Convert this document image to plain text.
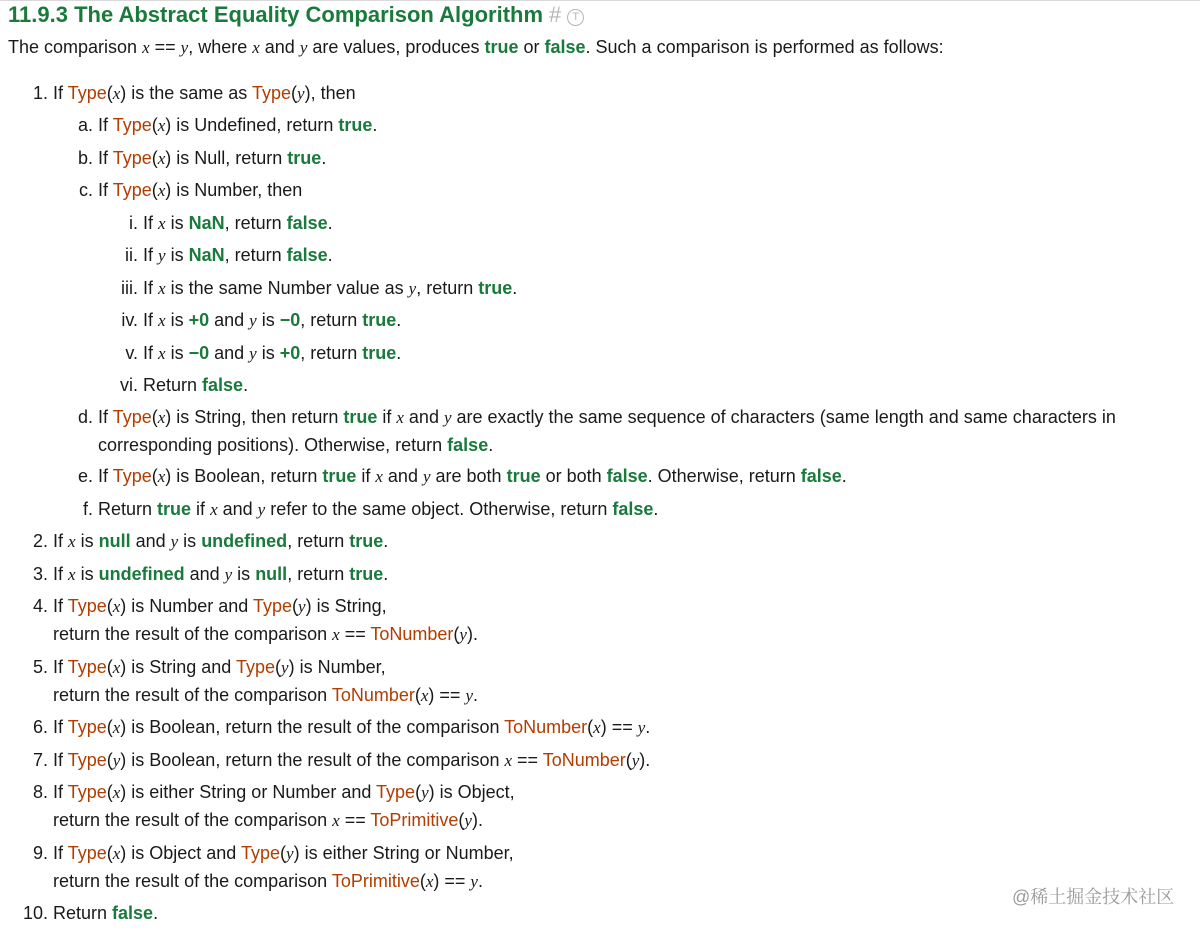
11.9.3 The Abstract Equality Comparison Algorithm # T
The comparison x == y, where x and y are values, produces true or false. Such a comparison is performed as follows:
1. If Type(x) is the same as Type(y), then
a. If Type(x) is Undefined, return true.
b. If Type(x) is Null, return true.
c. If Type(x) is Number, then
i. If x is NaN, return false.
ii. If y is NaN, return false.
iii. If x is the same Number value as y, return true.
iv. If x is +0 and y is −0, return true.
v. If x is −0 and y is +0, return true.
vi. Return false.
d. If Type(x) is String, then return true if x and y are exactly the same sequence of characters (same length and same characters in
corresponding positions). Otherwise, return false.
e. If Type(x) is Boolean, return true if x and y are both true or both false. Otherwise, return false.
f. Return true if x and y refer to the same object. Otherwise, return false.
2. If x is null and y is undefined, return true.
3. If x is undefined and y is null, return true.
4. If Type(x) is Number and Type(y) is String,
return the result of the comparison x == ToNumber(y).
5. If Type(x) is String and Type(y) is Number,
return the result of the comparison ToNumber(x) == y.
6. If Type(x) is Boolean, return the result of the comparison ToNumber(x) == y.
7. If Type(y) is Boolean, return the result of the comparison x == ToNumber(y).
8. If Type(x) is either String or Number and Type(y) is Object,
return the result of the comparison x == ToPrimitive(y).
9. If Type(x) is Object and Type(y) is either String or Number,
return the result of the comparison ToPrimitive(x) == y.
10. Return false.
@稀土掘金技术社区
